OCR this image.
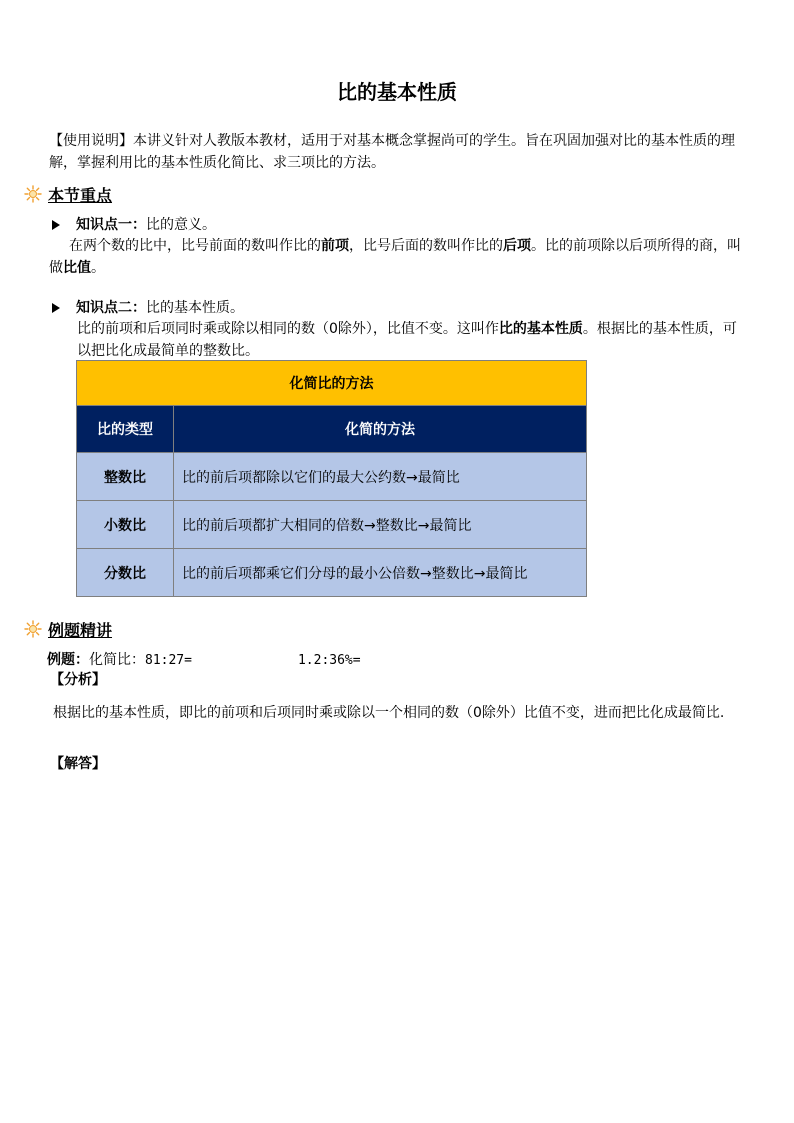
比的基本性质
【使用说明】本讲义针对人教版本教材，适用于对基本概念掌握尚可的学生。旨在巩固加强对比的基本性质的理解，掌握利用比的基本性质化简比、求三项比的方法。
本节重点
知识点一： 比的意义。
在两个数的比中，比号前面的数叫作比的前项，比号后面的数叫作比的后项。比的前项除以后项所得的商，叫做比值。
知识点二： 比的基本性质。
比的前项和后项同时乘或除以相同的数（0除外），比值不变。这叫作比的基本性质。根据比的基本性质，可以把比化成最简单的整数比。
化简比的方法	
比的类型	化简的方法
整数比	比的前后项都除以它们的最大公约数→最简比
小数比	比的前后项都扩大相同的倍数→整数比→最简比
分数比	比的前后项都乘它们分母的最小公倍数→整数比→最简比
例题精讲
例题：化简比：81:27=	1.2:36%=
【分析】
根据比的基本性质，即比的前项和后项同时乘或除以一个相同的数（0除外）比值不变，进而把比化成最简比.
【解答】
